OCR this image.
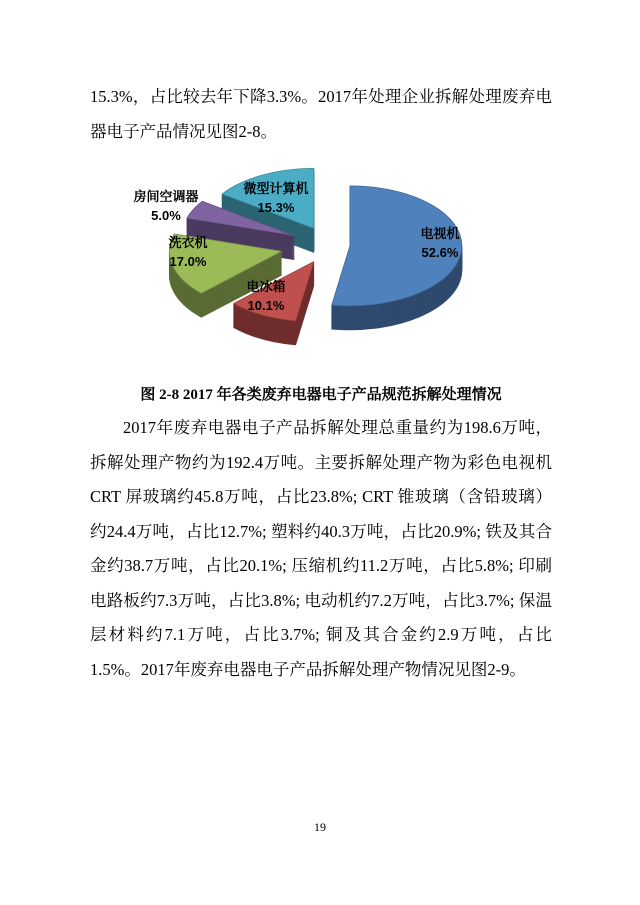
15.3%，占比较去年下降3.3%。2017年处理企业拆解处理废弃电器电子产品情况见图2-8。

电视机
52.6%
电冰箱
10.1%
洗衣机
17.0%
房间空调器
5.0%
微型计算机
15.3%

图 2-8 2017 年各类废弃电器电子产品规范拆解处理情况

2017年废弃电器电子产品拆解处理总重量约为198.6万吨，拆解处理产物约为192.4万吨。主要拆解处理产物为彩色电视机 CRT 屏玻璃约45.8万吨，占比23.8%; CRT 锥玻璃（含铅玻璃）约24.4万吨，占比12.7%; 塑料约40.3万吨，占比20.9%; 铁及其合金约38.7万吨，占比20.1%; 压缩机约11.2万吨，占比5.8%; 印刷电路板约7.3万吨，占比3.8%; 电动机约7.2万吨，占比3.7%; 保温层材料约7.1万吨，占比3.7%; 铜及其合金约2.9万吨，占比1.5%。2017年废弃电器电子产品拆解处理产物情况见图2-9。

19
